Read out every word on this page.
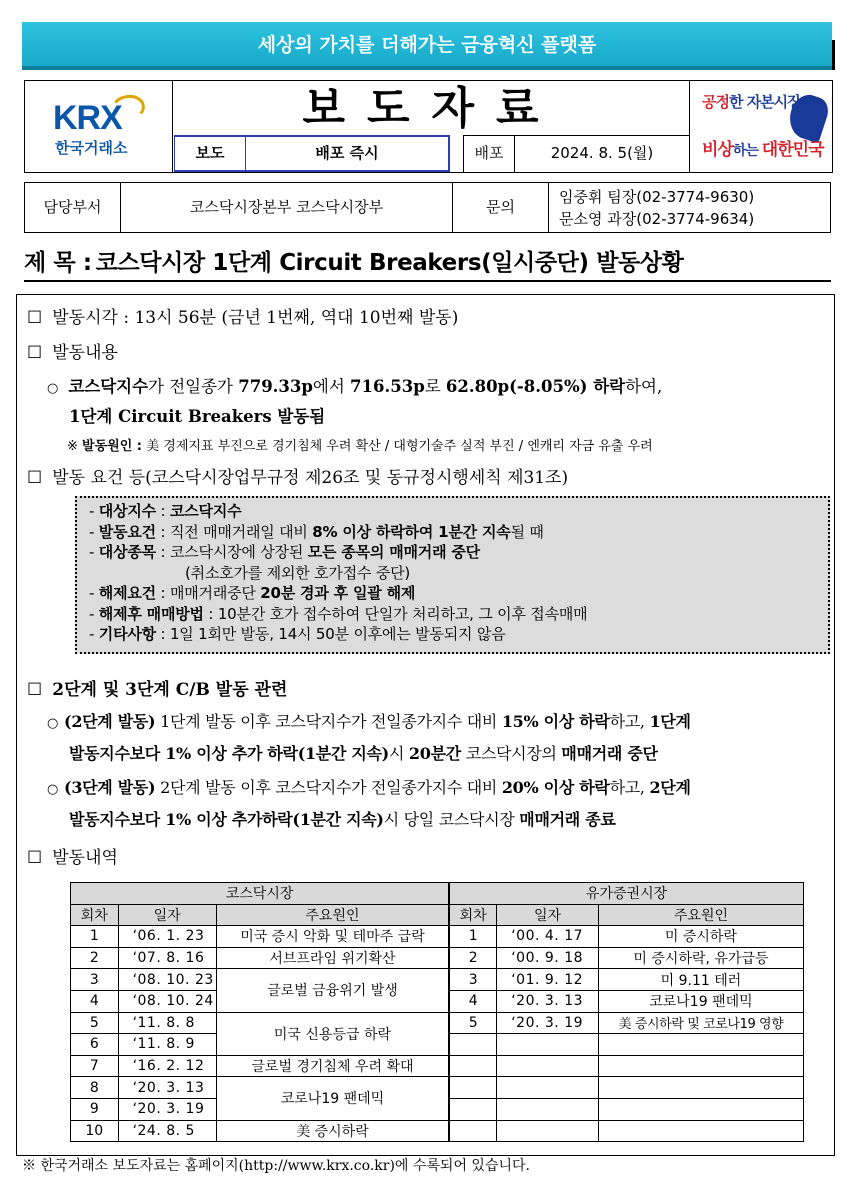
세상의 가치를 더해가는 금융혁신 플랫폼
KRX
한국거래소
보도자료
보도	배포 즉시	배포	2024. 8. 5(월)
공정한 자본시장,
비상하는 대한민국
담당부서	코스닥시장본부 코스닥시장부	문의
임중휘 팀장(02-3774-9630)
문소영 과장(02-3774-9634)
제 목 : 코스닥시장 1단계 Circuit Breakers(일시중단) 발동상황
☐ 발동시각 : 13시 56분 (금년 1번째, 역대 10번째 발동)
☐ 발동내용
○ 코스닥지수가 전일종가 779.33p에서 716.53p로 62.80p(-8.05%) 하락하여,
1단계 Circuit Breakers 발동됨
※ 발동원인 : 美 경제지표 부진으로 경기침체 우려 확산 / 대형기술주 실적 부진 / 엔캐리 자금 유출 우려
☐ 발동 요건 등(코스닥시장업무규정 제26조 및 동규정시행세칙 제31조)
- 대상지수 : 코스닥지수
- 발동요건 : 직전 매매거래일 대비 8% 이상 하락하여 1분간 지속될 때
- 대상종목 : 코스닥시장에 상장된 모든 종목의 매매거래 중단
(취소호가를 제외한 호가접수 중단)
- 해제요건 : 매매거래중단 20분 경과 후 일괄 해제
- 해제후 매매방법 : 10분간 호가 접수하여 단일가 처리하고, 그 이후 접속매매
- 기타사항 : 1일 1회만 발동, 14시 50분 이후에는 발동되지 않음
☐ 2단계 및 3단계 C/B 발동 관련
○ (2단계 발동) 1단계 발동 이후 코스닥지수가 전일종가지수 대비 15% 이상 하락하고, 1단계
발동지수보다 1% 이상 추가 하락(1분간 지속)시 20분간 코스닥시장의 매매거래 중단
○ (3단계 발동) 2단계 발동 이후 코스닥지수가 전일종가지수 대비 20% 이상 하락하고, 2단계
발동지수보다 1% 이상 추가하락(1분간 지속)시 당일 코스닥시장 매매거래 종료
☐ 발동내역
코스닥시장			유가증권시장		
회차	일자	주요원인	회차	일자	주요원인
1	‘06. 1. 23	미국 증시 악화 및 테마주 급락	1	‘00. 4. 17	미 증시하락
2	‘07. 8. 16	서브프라임 위기확산	2	‘00. 9. 18	미 증시하락, 유가급등
3	‘08. 10. 23	글로벌 금융위기 발생	3	‘01. 9. 12	미 9.11 테러
4	‘08. 10. 24		4	‘20. 3. 13	코로나19 팬데믹
5	‘11. 8. 8	미국 신용등급 하락	5	‘20. 3. 19	美 증시하락 및 코로나19 영향
6	‘11. 8. 9				
7	‘16. 2. 12	글로벌 경기침체 우려 확대			
8	‘20. 3. 13	코로나19 팬데믹			
9	‘20. 3. 19				
10	‘24. 8. 5	美 증시하락			
※ 한국거래소 보도자료는 홈페이지(http://www.krx.co.kr)에 수록되어 있습니다.
